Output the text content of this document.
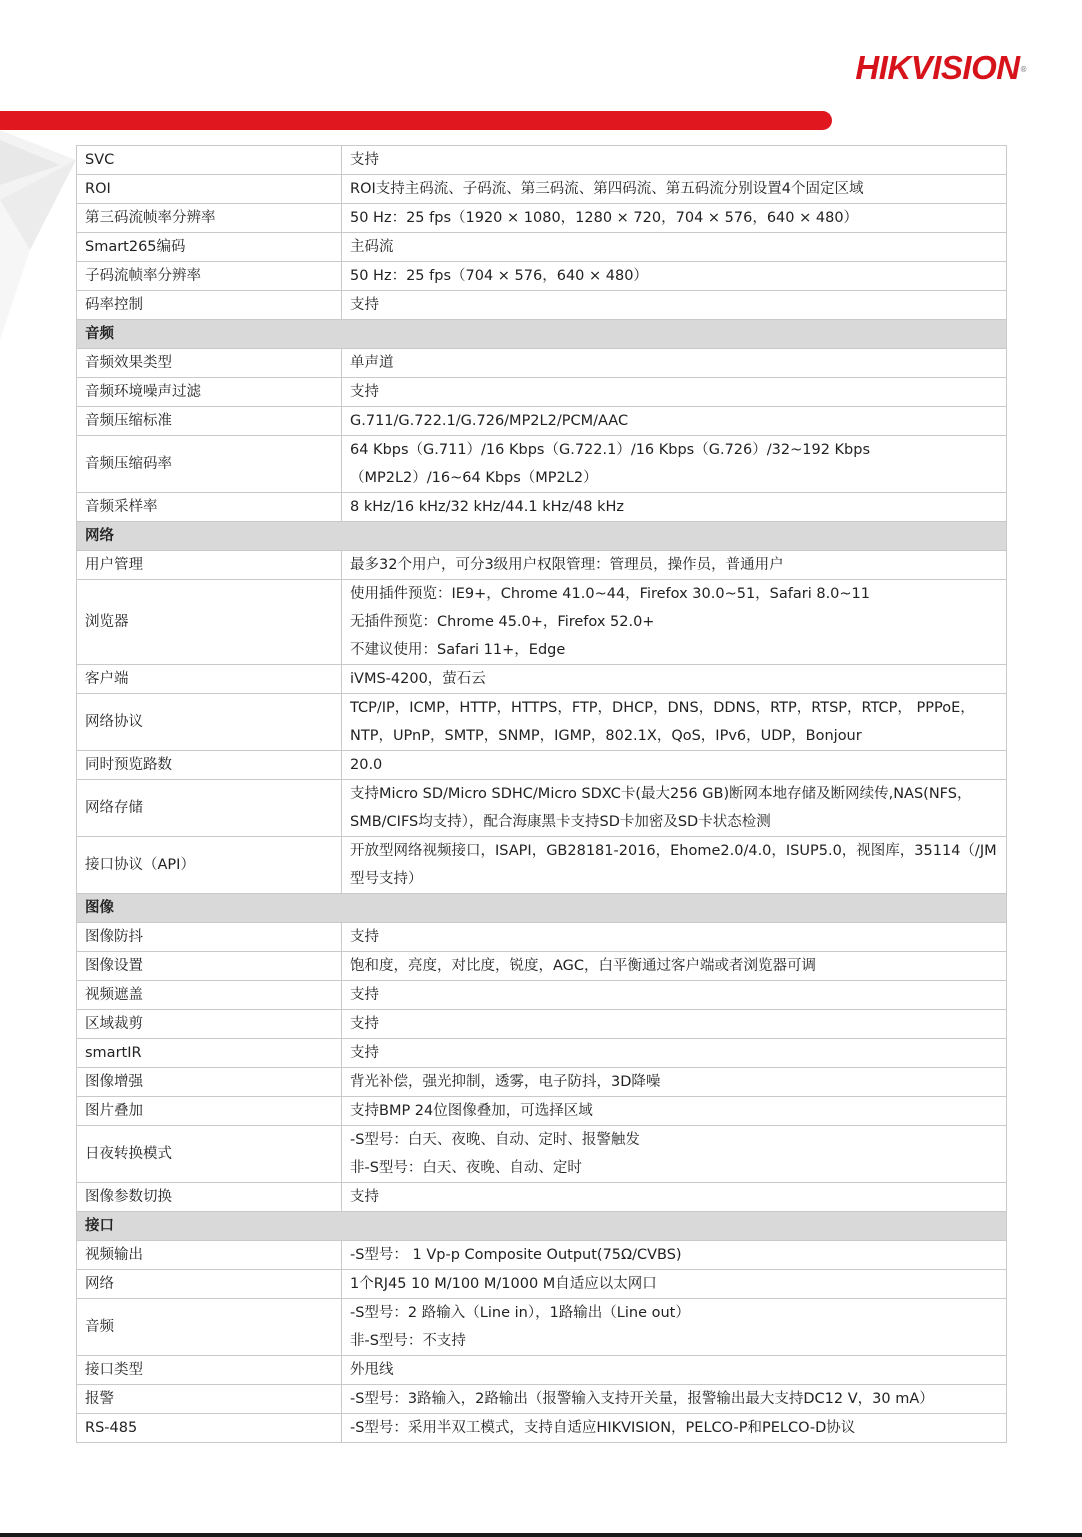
HIKVISION®
SVC	支持

ROI	ROI支持主码流、子码流、第三码流、第四码流、第五码流分别设置4个固定区域

第三码流帧率分辨率	50 Hz：25 fps（1920 × 1080，1280 × 720，704 × 576，640 × 480）

Smart265编码	主码流

子码流帧率分辨率	50 Hz：25 fps（704 × 576，640 × 480）

码率控制	支持

音频	
音频效果类型	单声道

音频环境噪声过滤	支持

音频压缩标准	G.711/G.722.1/G.726/MP2L2/PCM/AAC

音频压缩码率	64 Kbps（G.711）/16 Kbps（G.722.1）/16 Kbps（G.726）/32~192 Kbps（MP2L2）/16~64 Kbps（MP2L2）

音频采样率	8 kHz/16 kHz/32 kHz/44.1 kHz/48 kHz

网络	
用户管理	最多32个用户，可分3级用户权限管理：管理员，操作员，普通用户

浏览器	使用插件预览：IE9+，Chrome 41.0~44，Firefox 30.0~51，Safari 8.0~11
无插件预览：Chrome 45.0+，Firefox 52.0+
不建议使用：Safari 11+，Edge

客户端	iVMS-4200，萤石云

网络协议	TCP/IP，ICMP，HTTP，HTTPS，FTP，DHCP，DNS，DDNS，RTP，RTSP，RTCP， PPPoE，NTP，UPnP，SMTP，SNMP，IGMP，802.1X，QoS，IPv6，UDP，Bonjour

同时预览路数	20.0

网络存储	支持Micro SD/Micro SDHC/Micro SDXC卡(最大256 GB)断网本地存储及断网续传,NAS(NFS，SMB/CIFS均支持），配合海康黑卡支持SD卡加密及SD卡状态检测

接口协议（API）	开放型网络视频接口，ISAPI，GB28181-2016，Ehome2.0/4.0，ISUP5.0，视图库，35114（/JM型号支持）

图像	
图像防抖	支持

图像设置	饱和度，亮度，对比度，锐度，AGC，白平衡通过客户端或者浏览器可调

视频遮盖	支持

区域裁剪	支持

smartIR	支持

图像增强	背光补偿，强光抑制，透雾，电子防抖，3D降噪

图片叠加	支持BMP 24位图像叠加，可选择区域

日夜转换模式	-S型号：白天、夜晚、自动、定时、报警触发
非-S型号：白天、夜晚、自动、定时

图像参数切换	支持

接口	
视频输出	-S型号： 1 Vp-p Composite Output(75Ω/CVBS)

网络	1个RJ45 10 M/100 M/1000 M自适应以太网口

音频	-S型号：2 路输入（Line in），1路输出（Line out）
非-S型号：不支持

接口类型	外甩线

报警	-S型号：3路输入，2路输出（报警输入支持开关量，报警输出最大支持DC12 V，30 mA）

RS-485	-S型号：采用半双工模式，支持自适应HIKVISION，PELCO-P和PELCO-D协议
